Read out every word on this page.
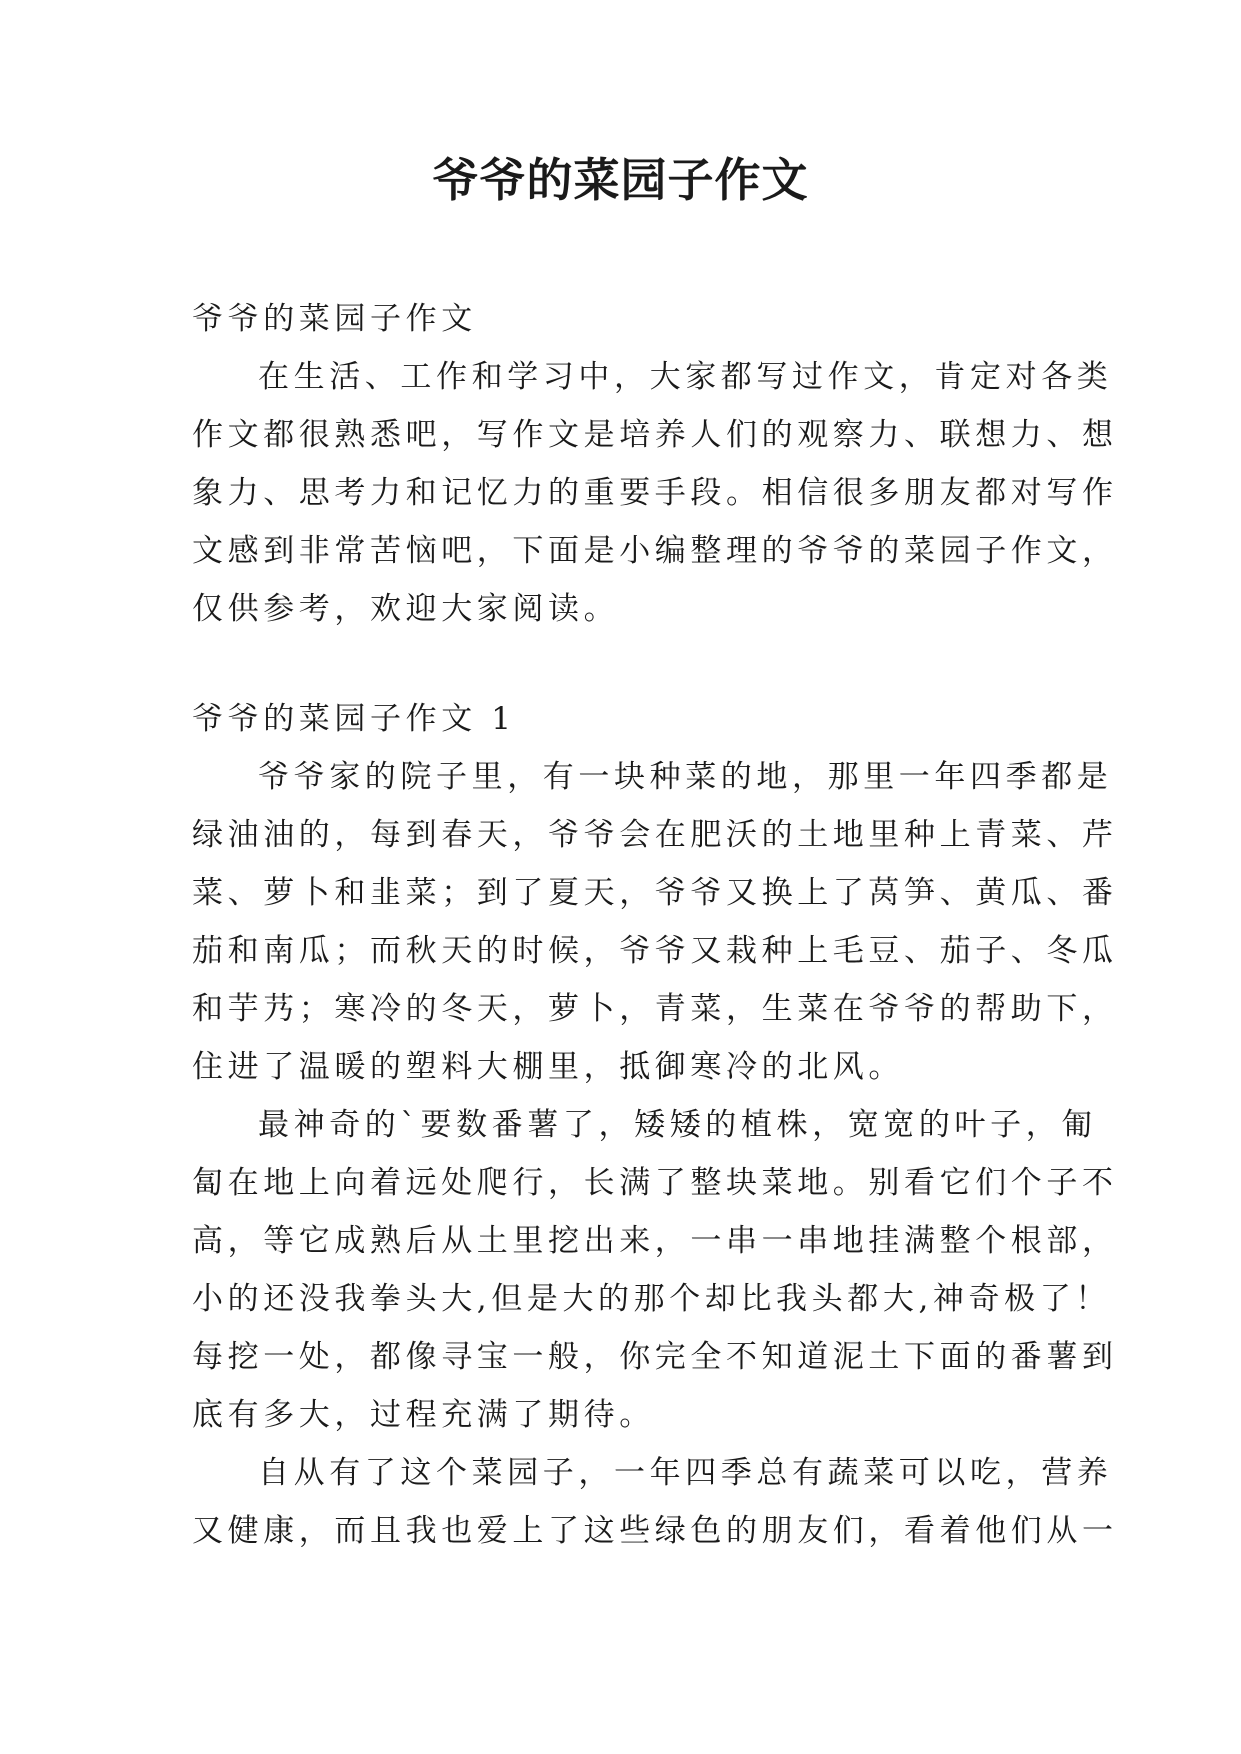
爷爷的菜园子作文
爷爷的菜园子作文
在生活、工作和学习中，大家都写过作文，肯定对各类
作文都很熟悉吧，写作文是培养人们的观察力、联想力、想
象力、思考力和记忆力的重要手段。相信很多朋友都对写作
文感到非常苦恼吧，下面是小编整理的爷爷的菜园子作文，
仅供参考，欢迎大家阅读。
爷爷的菜园子作文 1
爷爷家的院子里，有一块种菜的地，那里一年四季都是
绿油油的，每到春天，爷爷会在肥沃的土地里种上青菜、芹
菜、萝卜和韭菜；到了夏天，爷爷又换上了莴笋、黄瓜、番
茄和南瓜；而秋天的时候，爷爷又栽种上毛豆、茄子、冬瓜
和芋艿；寒冷的冬天，萝卜，青菜，生菜在爷爷的帮助下，
住进了温暖的塑料大棚里，抵御寒冷的北风。
最神奇的`要数番薯了，矮矮的植株，宽宽的叶子，匍
匐在地上向着远处爬行，长满了整块菜地。别看它们个子不
高，等它成熟后从土里挖出来，一串一串地挂满整个根部，
小的还没我拳头大,但是大的那个却比我头都大,神奇极了！
每挖一处，都像寻宝一般，你完全不知道泥土下面的番薯到
底有多大，过程充满了期待。
自从有了这个菜园子，一年四季总有蔬菜可以吃，营养
又健康，而且我也爱上了这些绿色的朋友们，看着他们从一
